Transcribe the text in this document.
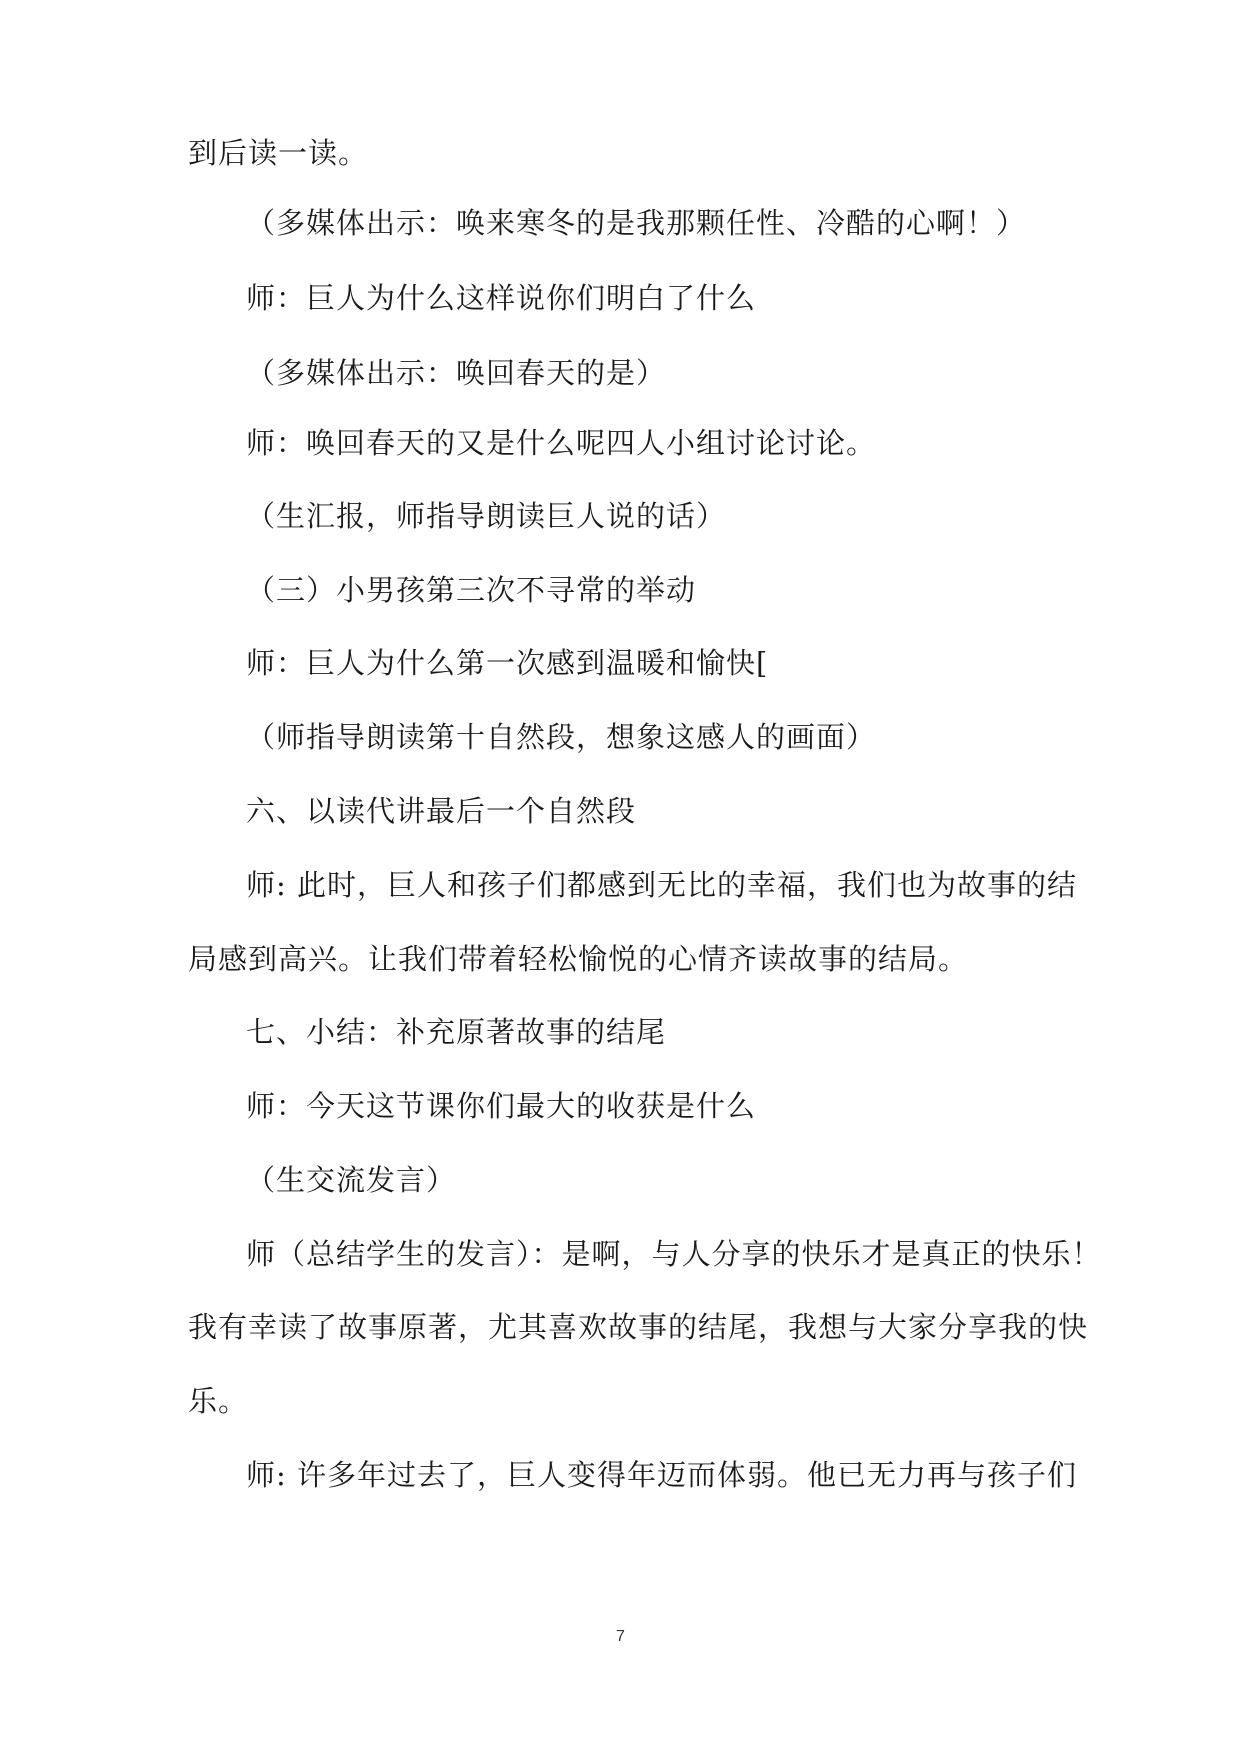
到后读一读。
（多媒体出示：唤来寒冬的是我那颗任性、冷酷的心啊！）
师：巨人为什么这样说你们明白了什么
（多媒体出示：唤回春天的是）
师：唤回春天的又是什么呢四人小组讨论讨论。
（生汇报，师指导朗读巨人说的话）
（三）小男孩第三次不寻常的举动
师：巨人为什么第一次感到温暖和愉快[
（师指导朗读第十自然段，想象这感人的画面）
六、以读代讲最后一个自然段
师: 此时，巨人和孩子们都感到无比的幸福，我们也为故事的结
局感到高兴。让我们带着轻松愉悦的心情齐读故事的结局。
七、小结：补充原著故事的结尾
师：今天这节课你们最大的收获是什么
（生交流发言）
师（总结学生的发言）：是啊，与人分享的快乐才是真正的快乐！
我有幸读了故事原著，尤其喜欢故事的结尾，我想与大家分享我的快
乐。
师: 许多年过去了，巨人变得年迈而体弱。他已无力再与孩子们
7
